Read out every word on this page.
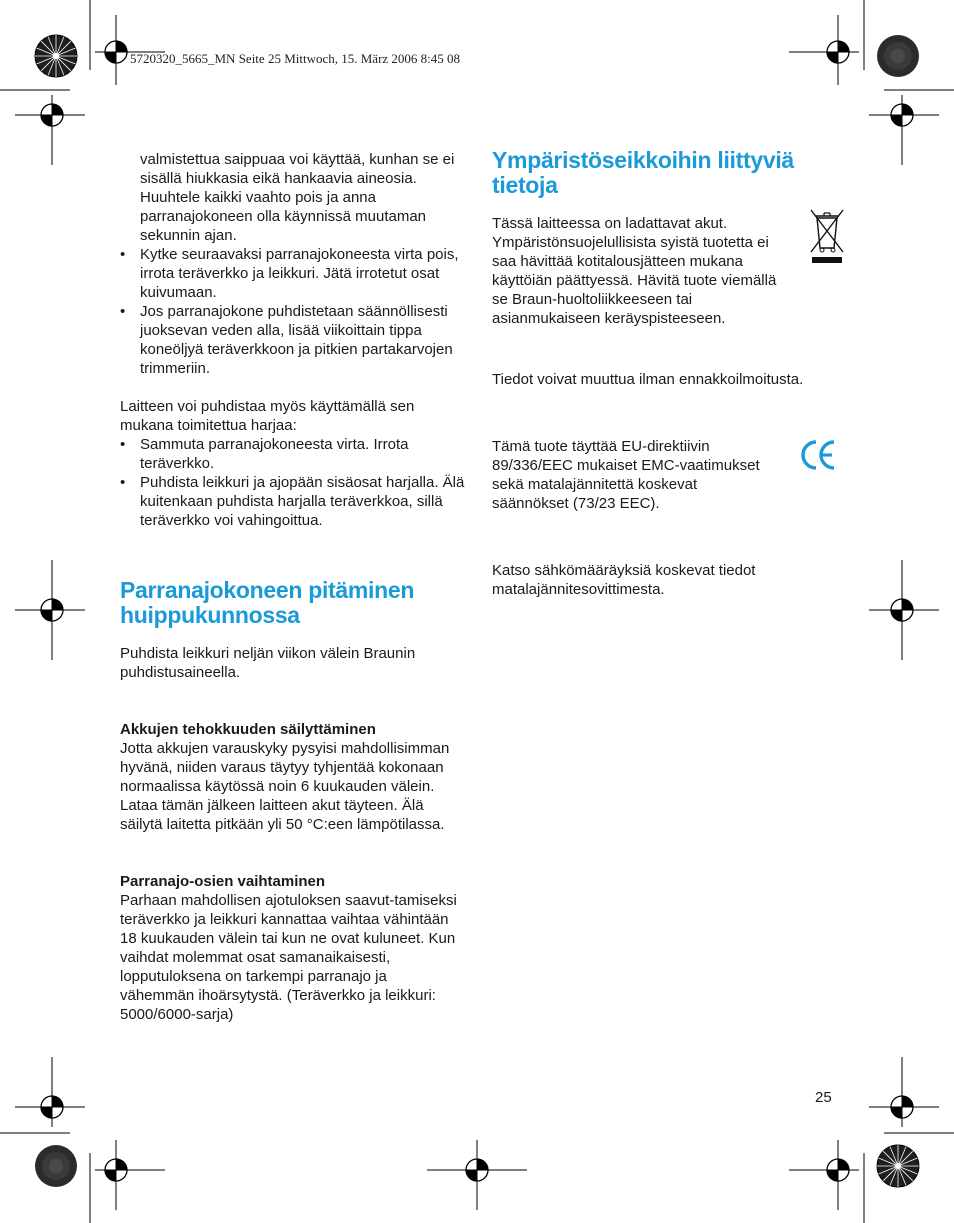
5720320_5665_MN Seite 25 Mittwoch, 15. März 2006 8:45 08

valmistettua saippuaa voi käyttää, kunhan se ei sisällä hiukkasia eikä hankaavia aineosia. Huuhtele kaikki vaahto pois ja anna parranajokoneen olla käynnissä muutaman sekunnin ajan.

• Kytke seuraavaksi parranajokoneesta virta pois, irrota teräverkko ja leikkuri. Jätä irrotetut osat kuivumaan.
• Jos parranajokone puhdistetaan säännöllisesti juoksevan veden alla, lisää viikoittain tippa koneöljyä teräverkkoon ja pitkien partakarvojen trimmeriin.

Laitteen voi puhdistaa myös käyttämällä sen mukana toimitettua harjaa:

• Sammuta parranajokoneesta virta. Irrota teräverkko.
• Puhdista leikkuri ja ajopään sisäosat harjalla. Älä kuitenkaan puhdista harjalla teräverkkoa, sillä teräverkko voi vahingoittua.
Parranajokoneen pitäminen huippukunnossa

Puhdista leikkuri neljän viikon välein Braunin puhdistusaineella.

Akkujen tehokkuuden säilyttäminen

Jotta akkujen varauskyky pysyisi mahdollisimman hyvänä, niiden varaus täytyy tyhjentää kokonaan normaalissa käytössä noin 6 kuukauden välein. Lataa tämän jälkeen laitteen akut täyteen. Älä säilytä laitetta pitkään yli 50 °C:een lämpötilassa.

Parranajo-osien vaihtaminen

Parhaan mahdollisen ajotuloksen saavut-tamiseksi teräverkko ja leikkuri kannattaa vaihtaa vähintään 18 kuukauden välein tai kun ne ovat kuluneet. Kun vaihdat molemmat osat samanaikaisesti, lopputuloksena on tarkempi parranajo ja vähemmän ihoärsytystä. (Teräverkko ja leikkuri: 5000/6000-sarja)

Ympäristöseikkoihin liittyviä tietoja

Tässä laitteessa on ladattavat akut. Ympäristönsuojelullisista syistä tuotetta ei saa hävittää kotitalousjätteen mukana käyttöiän päättyessä. Hävitä tuote viemällä se Braun-huoltoliikkeeseen tai asianmukaiseen keräyspisteeseen.

Tiedot voivat muuttua ilman ennakkoilmoitusta.

Tämä tuote täyttää EU-direktiivin 89/336/EEC mukaiset EMC-vaatimukset sekä matalajännitettä koskevat säännökset (73/23 EEC).

Katso sähkömääräyksiä koskevat tiedot matalajännitesovittimesta.

25
